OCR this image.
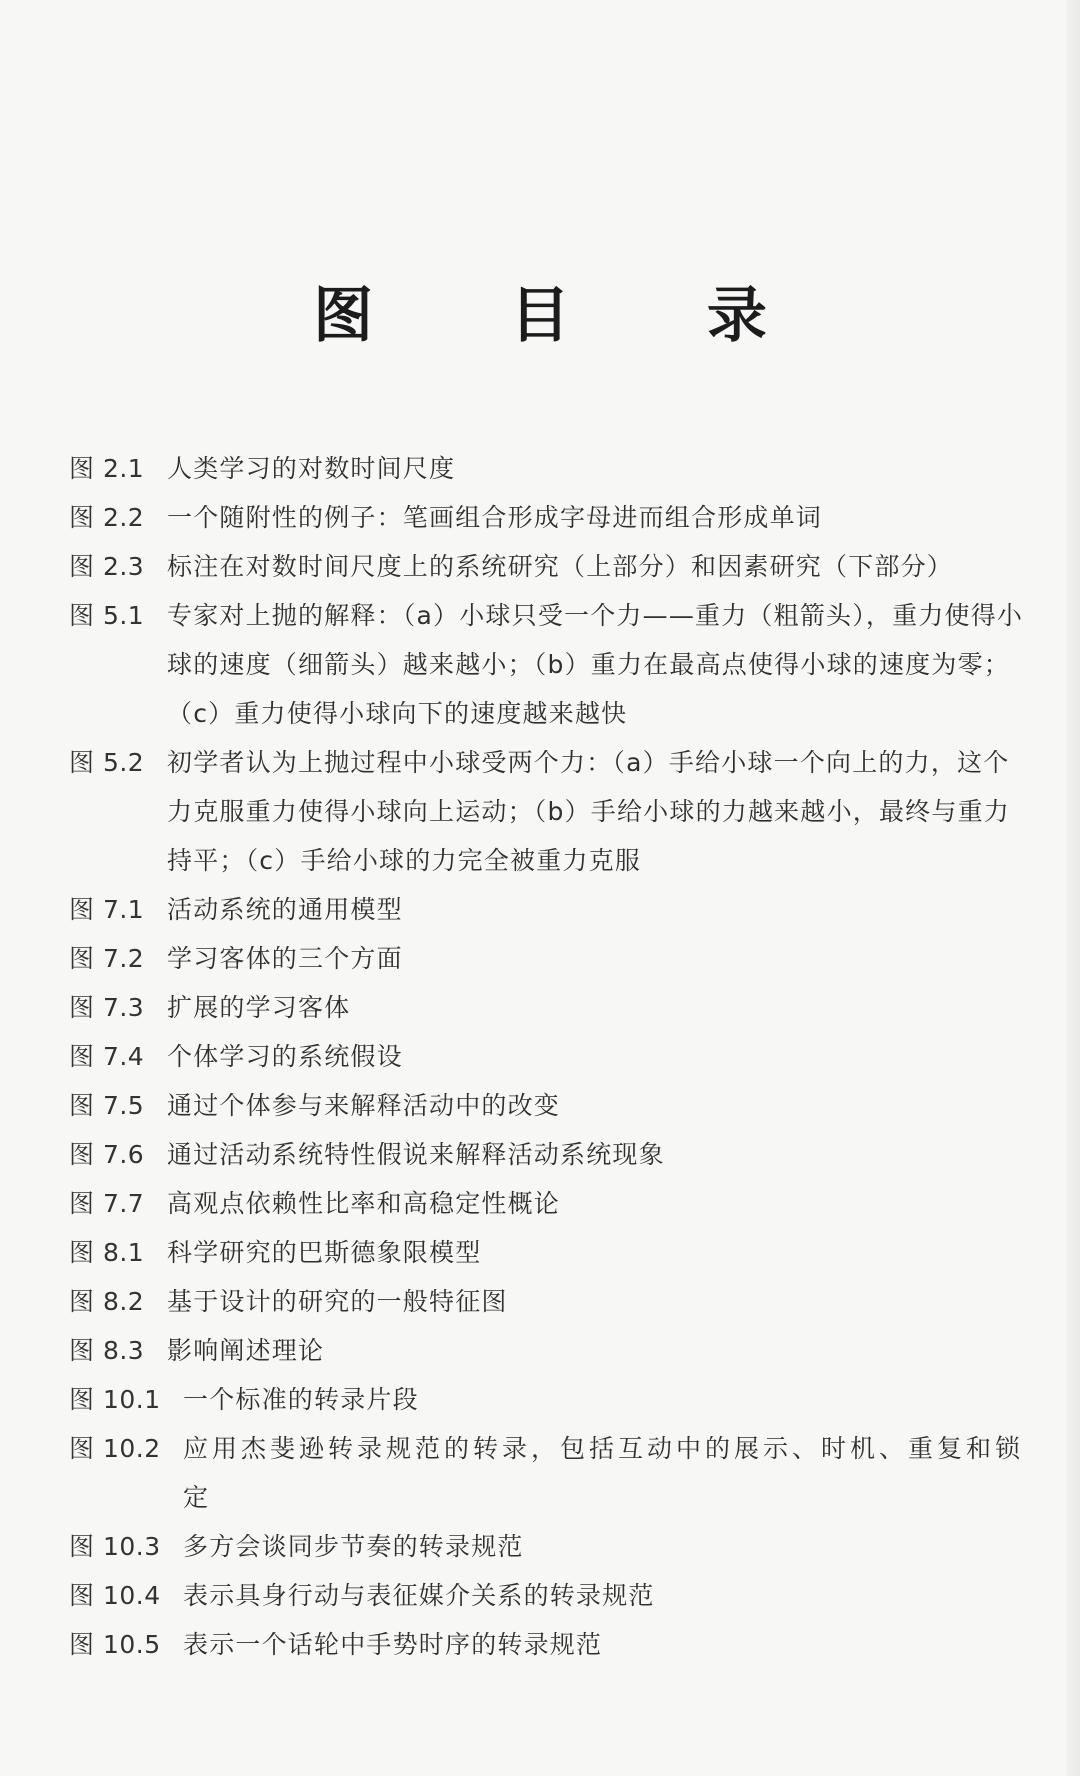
图 目 录
图 2.1 人类学习的对数时间尺度
图 2.2 一个随附性的例子：笔画组合形成字母进而组合形成单词
图 2.3 标注在对数时间尺度上的系统研究（上部分）和因素研究（下部分）
图 5.1 专家对上抛的解释：（a）小球只受一个力——重力（粗箭头），重力使得小球的速度（细箭头）越来越小；（b）重力在最高点使得小球的速度为零；（c）重力使得小球向下的速度越来越快
图 5.2 初学者认为上抛过程中小球受两个力：（a）手给小球一个向上的力，这个力克服重力使得小球向上运动；（b）手给小球的力越来越小，最终与重力持平；（c）手给小球的力完全被重力克服
图 7.1 活动系统的通用模型
图 7.2 学习客体的三个方面
图 7.3 扩展的学习客体
图 7.4 个体学习的系统假设
图 7.5 通过个体参与来解释活动中的改变
图 7.6 通过活动系统特性假说来解释活动系统现象
图 7.7 高观点依赖性比率和高稳定性概论
图 8.1 科学研究的巴斯德象限模型
图 8.2 基于设计的研究的一般特征图
图 8.3 影响阐述理论
图 10.1 一个标准的转录片段
图 10.2 应用杰斐逊转录规范的转录，包括互动中的展示、时机、重复和锁定
图 10.3 多方会谈同步节奏的转录规范
图 10.4 表示具身行动与表征媒介关系的转录规范
图 10.5 表示一个话轮中手势时序的转录规范
